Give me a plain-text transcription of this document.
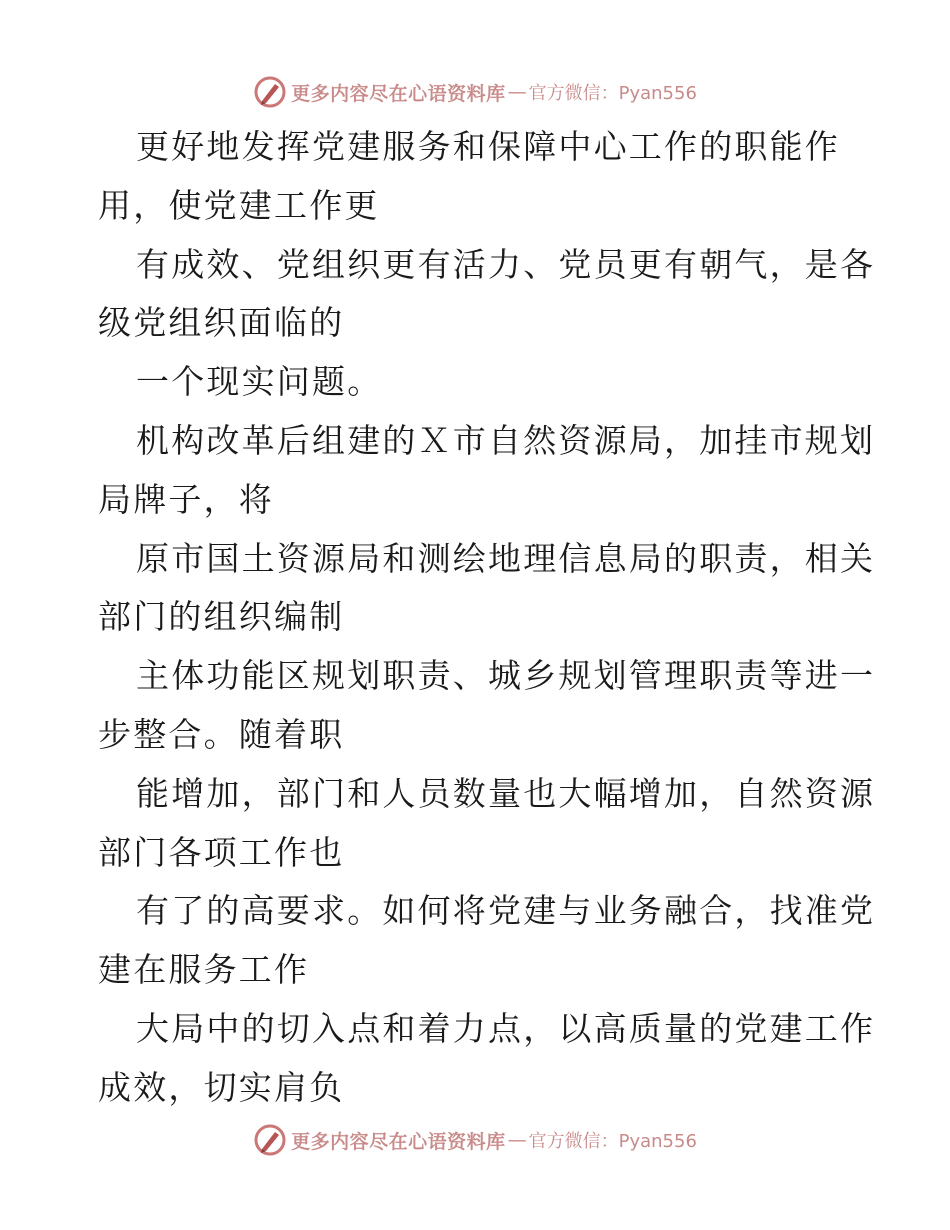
更多内容尽在心语资料库 — 官方微信：Pyan556

更好地发挥党建服务和保障中心工作的职能作
用，使党建工作更

有成效、党组织更有活力、党员更有朝气，是各
级党组织面临的

一个现实问题。

机构改革后组建的Ｘ市自然资源局，加挂市规划
局牌子，将

原市国土资源局和测绘地理信息局的职责，相关
部门的组织编制

主体功能区规划职责、城乡规划管理职责等进一
步整合。随着职

能增加，部门和人员数量也大幅增加，自然资源
部门各项工作也

有了的高要求。如何将党建与业务融合，找准党
建在服务工作

大局中的切入点和着力点，以高质量的党建工作
成效，切实肩负

更多内容尽在心语资料库 — 官方微信：Pyan556
